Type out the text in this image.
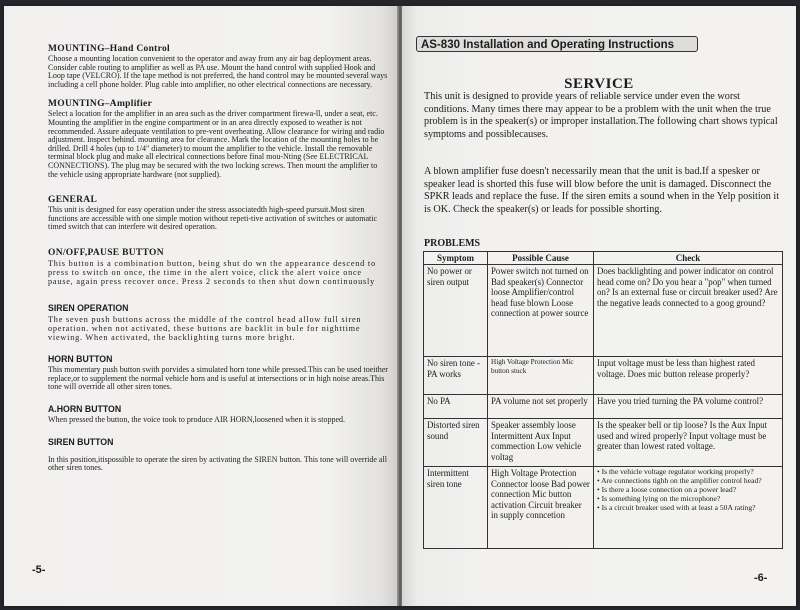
MOUNTING–Hand Control
Choose a mounting location convenient to the operator and away from any air bag deployment areas. Consider cable routing to amplifier as well as PA use. Mount the hand control with supplied Hook and Loop tape (VELCRO). If the tape method is not preferred, the hand control may be mounted several ways including a cell phone holder. Plug cable into amplifier, no other electrical connections are necessary.
MOUNTING–Amplifier
Select a location for the amplifier in an area such as the driver compartment firewa-ll, under a seat, etc. Mounting the amplifier in the engine compartment or in an area directly exposed to weather is not recommended. Assure adequate ventilation to pre-vent overheating. Allow clearance for wiring and radio adjustment. Inspect behind. mounting area for clearance. Mark the location of the mounting holes to be drilled. Drill 4 holes (up to 1/4" diameter) to mount the amplifier to the vehicle. Install the removable terminal block plug and make all electrical connections before final mou-Nting (See ELECTRICAL CONNECTIONS). The plug may be secured with the two locking screws. Then mount the amplifier to the vehicle using appropriate hardware (not supplied).
GENERAL
This unit is designed for easy operation under the stress associatedth high-speed pursuit.Most siren functions are accessible with one simple motion without repeti-tive activation of switches or automatic timed switch that can interfere wit desired operation.
ON/OFF,PAUSE BUTTON
This button is a combination button, being shut do wn the appearance descend to press to switch on once, the time in the alert voice, click the alert voice once pause, again press recover once. Press 2 seconds to then shut down continuously
SIREN OPERATION
The seven push buttons across the middle of the control head allow full siren operation. when not activated, these buttons are backlit in bule for nighttime viewing. When activated, the backlighting turns more bright.
HORN BUTTON
This momentary push button swith porvides a simulated horn tone while pressed.This can be used toeither replace,or to supplement the normal vehicle horn and is useful at intersections or in high noise areas.This tone will override all other siren tones.
A.HORN BUTTON
When pressed the button, the voice took to produce AIR HORN,loosened when it is stopped.
SIREN BUTTON
In this position,itispossible to operate the siren by activating the SIREN button. This tone will override all other siren tones.
-5-
AS-830 Installation and Operating Instructions
SERVICE
This unit is designed to provide years of reliable service under even the worst conditions. Many times there may appear to be a problem with the unit when the true problem is in the speaker(s) or improper installation.The following chart shows typical symptoms and possiblecauses.
A blown amplifier fuse doesn't necessarily mean that the unit is bad.If a spesker or speaker lead is shorted this fuse will blow before the unit is damaged. Disconnect the SPKR leads and replace the fuse. If the siren emits a sound when in the Yelp position it is OK. Check the speaker(s) or leads for possible shorting.
PROBLEMS
Symptom	Possible Cause	Check
No power or siren output	Power switch not turned on Bad speaker(s) Connector loose Amplifier/control head fuse blown Loose connection at power source	Does backlighting and power indicator on control head come on? Do you hear a "pop" when turned on? Is an external fuse or circuit breaker used? Are the negative leads connected to a goog ground?
No siren tone -PA works	High Voltage Protection Mic button stuck	Input voltage must be less than highest rated voltage. Does mic button release properly?
No PA	PA volume not set properly	Have you tried turning the PA volume control?
Distorted siren sound	Speaker assembly loose Intermittent Aux Input commection Low vehicle voltag	Is the speaker bell or tip loose? Is the Aux Input used and wired properly? Input voltage must be greater than lowest rated voltage.
Intermittent siren tone	High Voltage Protection Connector loose Bad power connection Mic button activation Circuit breaker in supply conncetion	• Is the vehicle voltage regulator working properly?
• Are connections tighh on the amplifier control head?
• Is there a loose connection on a power lead?
• Is something lying on the microphone?
• Is a circuit breaker used with at least a 50A rating?
-6-
